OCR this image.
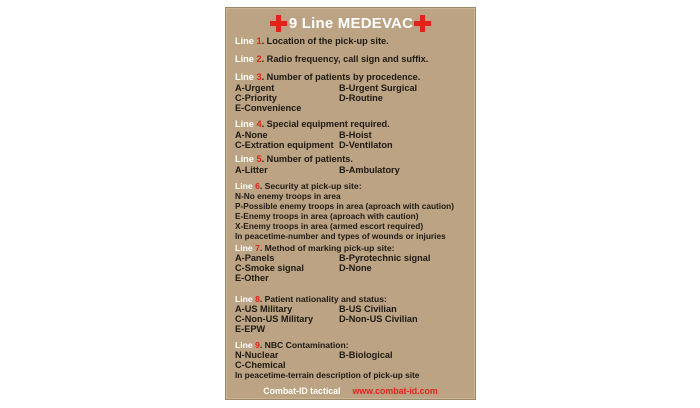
9 Line MEDEVAC
Line 1. Location of the pick-up site.
Line 2. Radio frequency, call sign and suffix.
Line 3. Number of patients by procedence.
A-Urgent	B-Urgent Surgical
C-Priority	D-Routine
E-Convenience
Line 4. Special equipment required.
A-None	B-Hoist
C-Extration equipment D-Ventilaton
Line 5. Number of patients.
A-Litter	B-Ambulatory
Line 6. Security at pick-up site:
N-No enemy troops in area
P-Possible enemy troops in area (aproach with caution)
E-Enemy troops in area (aproach with caution)
X-Enemy troops in area (armed escort required)
In peacetime-number and types of wounds or injuries
Line 7. Method of marking pick-up site:
A-Panels	B-Pyrotechnic signal
C-Smoke signal	D-None
E-Other
Line 8. Patient nationality and status:
A-US Military	B-US Civilian
C-Non-US Military	D-Non-US Civilian
E-EPW
Line 9. NBC Contamination:
N-Nuclear	B-Biological
C-Chemical
In peacetime-terrain description of pick-up site
Combat-ID tactical www.combat-id.com
